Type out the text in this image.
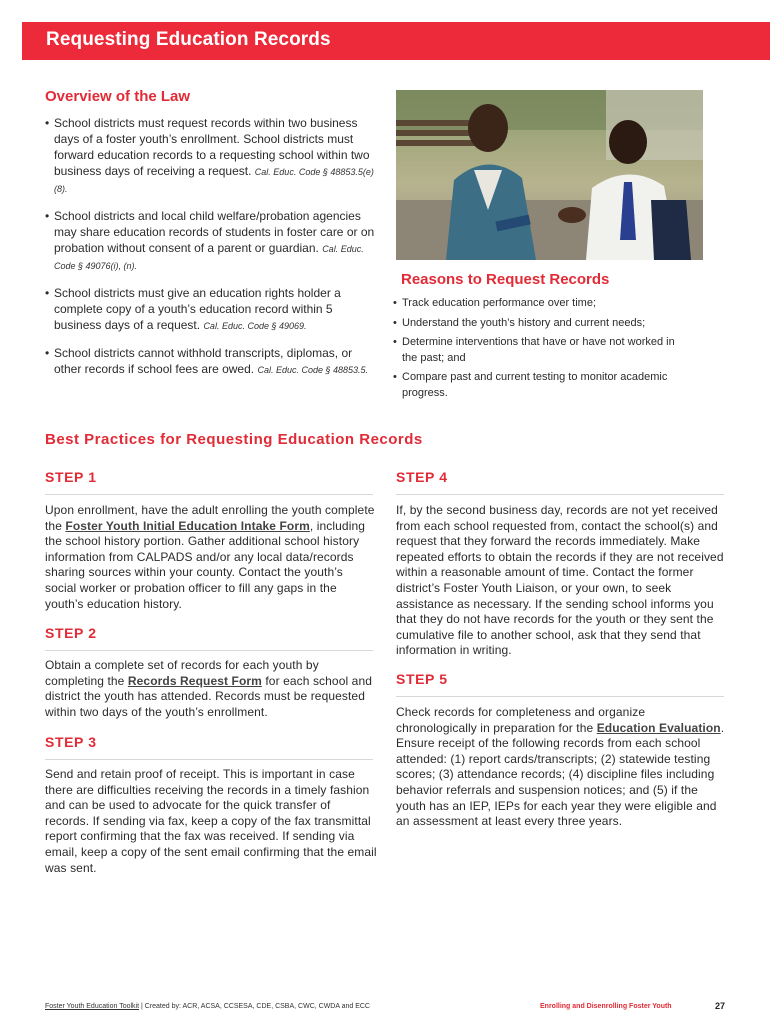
Requesting Education Records
Overview of the Law
• School districts must request records within two business days of a foster youth’s enrollment. School districts must forward education records to a requesting school within two business days of receiving a request. Cal. Educ. Code § 48853.5(e)(8).
• School districts and local child welfare/probation agencies may share education records of students in foster care or on probation without consent of a parent or guardian. Cal. Educ. Code § 49076(i), (n).
• School districts must give an education rights holder a complete copy of a youth’s education record within 5 business days of a request. Cal. Educ. Code § 49069.
• School districts cannot withhold transcripts, diplomas, or other records if school fees are owed. Cal. Educ. Code § 48853.5.
Reasons to Request Records
• Track education performance over time;
• Understand the youth’s history and current needs;
• Determine interventions that have or have not worked in the past; and
• Compare past and current testing to monitor academic progress.
Best Practices for Requesting Education Records
STEP 1

Upon enrollment, have the adult enrolling the youth complete the Foster Youth Initial Education Intake Form, including the school history portion. Gather additional school history information from CALPADS and/or any local data/records sharing sources within your county. Contact the youth’s social worker or probation officer to fill any gaps in the youth’s education history.

STEP 2

Obtain a complete set of records for each youth by completing the Records Request Form for each school and district the youth has attended. Records must be requested within two days of the youth’s enrollment.

STEP 3

Send and retain proof of receipt. This is important in case there are difficulties receiving the records in a timely fashion and can be used to advocate for the quick transfer of records. If sending via fax, keep a copy of the fax transmittal report confirming that the fax was received. If sending via email, keep a copy of the sent email confirming that the email was sent.

STEP 4

If, by the second business day, records are not yet received from each school requested from, contact the school(s) and request that they forward the records immediately. Make repeated efforts to obtain the records if they are not received within a reasonable amount of time. Contact the former district’s Foster Youth Liaison, or your own, to seek assistance as necessary. If the sending school informs you that they do not have records for the youth or they sent the cumulative file to another school, ask that they send that information in writing.

STEP 5

Check records for completeness and organize chronologically in preparation for the Education Evaluation. Ensure receipt of the following records from each school attended: (1) report cards/transcripts; (2) statewide testing scores; (3) attendance records; (4) discipline files including behavior referrals and suspension notices; and (5) if the youth has an IEP, IEPs for each year they were eligible and an assessment at least every three years.

Foster Youth Education Toolkit | Created by: ACR, ACSA, CCSESA, CDE, CSBA, CWC, CWDA and ECC	Enrolling and Disenrolling Foster Youth	27
